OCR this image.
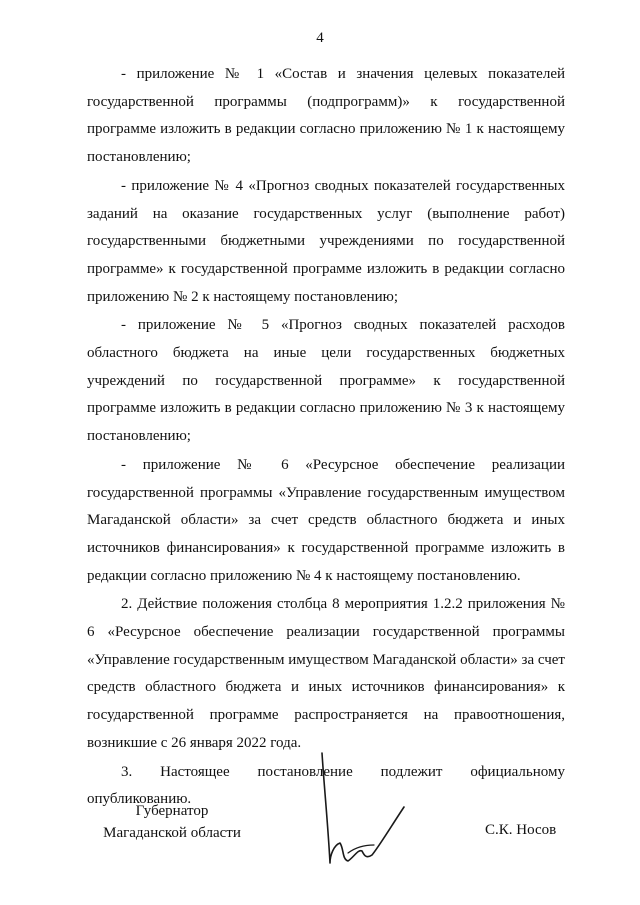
4

- приложение № 1 «Состав и значения целевых показателей государственной программы (подпрограмм)» к государственной программе изложить в редакции согласно приложению № 1 к настоящему постановлению;

- приложение № 4 «Прогноз сводных показателей государственных заданий на оказание государственных услуг (выполнение работ) государственными бюджетными учреждениями по государственной программе» к государственной программе изложить в редакции согласно приложению № 2 к настоящему постановлению;

- приложение № 5 «Прогноз сводных показателей расходов областного бюджета на иные цели государственных бюджетных учреждений по государственной программе» к государственной программе изложить в редакции согласно приложению № 3 к настоящему постановлению;

- приложение № 6 «Ресурсное обеспечение реализации государственной программы «Управление государственным имуществом Магаданской области» за счет средств областного бюджета и иных источников финансирования» к государственной программе изложить в редакции согласно приложению № 4 к настоящему постановлению.

2. Действие положения столбца 8 мероприятия 1.2.2 приложения № 6 «Ресурсное обеспечение реализации государственной программы «Управление государственным имуществом Магаданской области» за счет средств областного бюджета и иных источников финансирования» к государственной программе распространяется на правоотношения, возникшие с 26 января 2022 года.

3. Настоящее постановление подлежит официальному опубликованию.

Губернатор
Магаданской области	С.К. Носов
